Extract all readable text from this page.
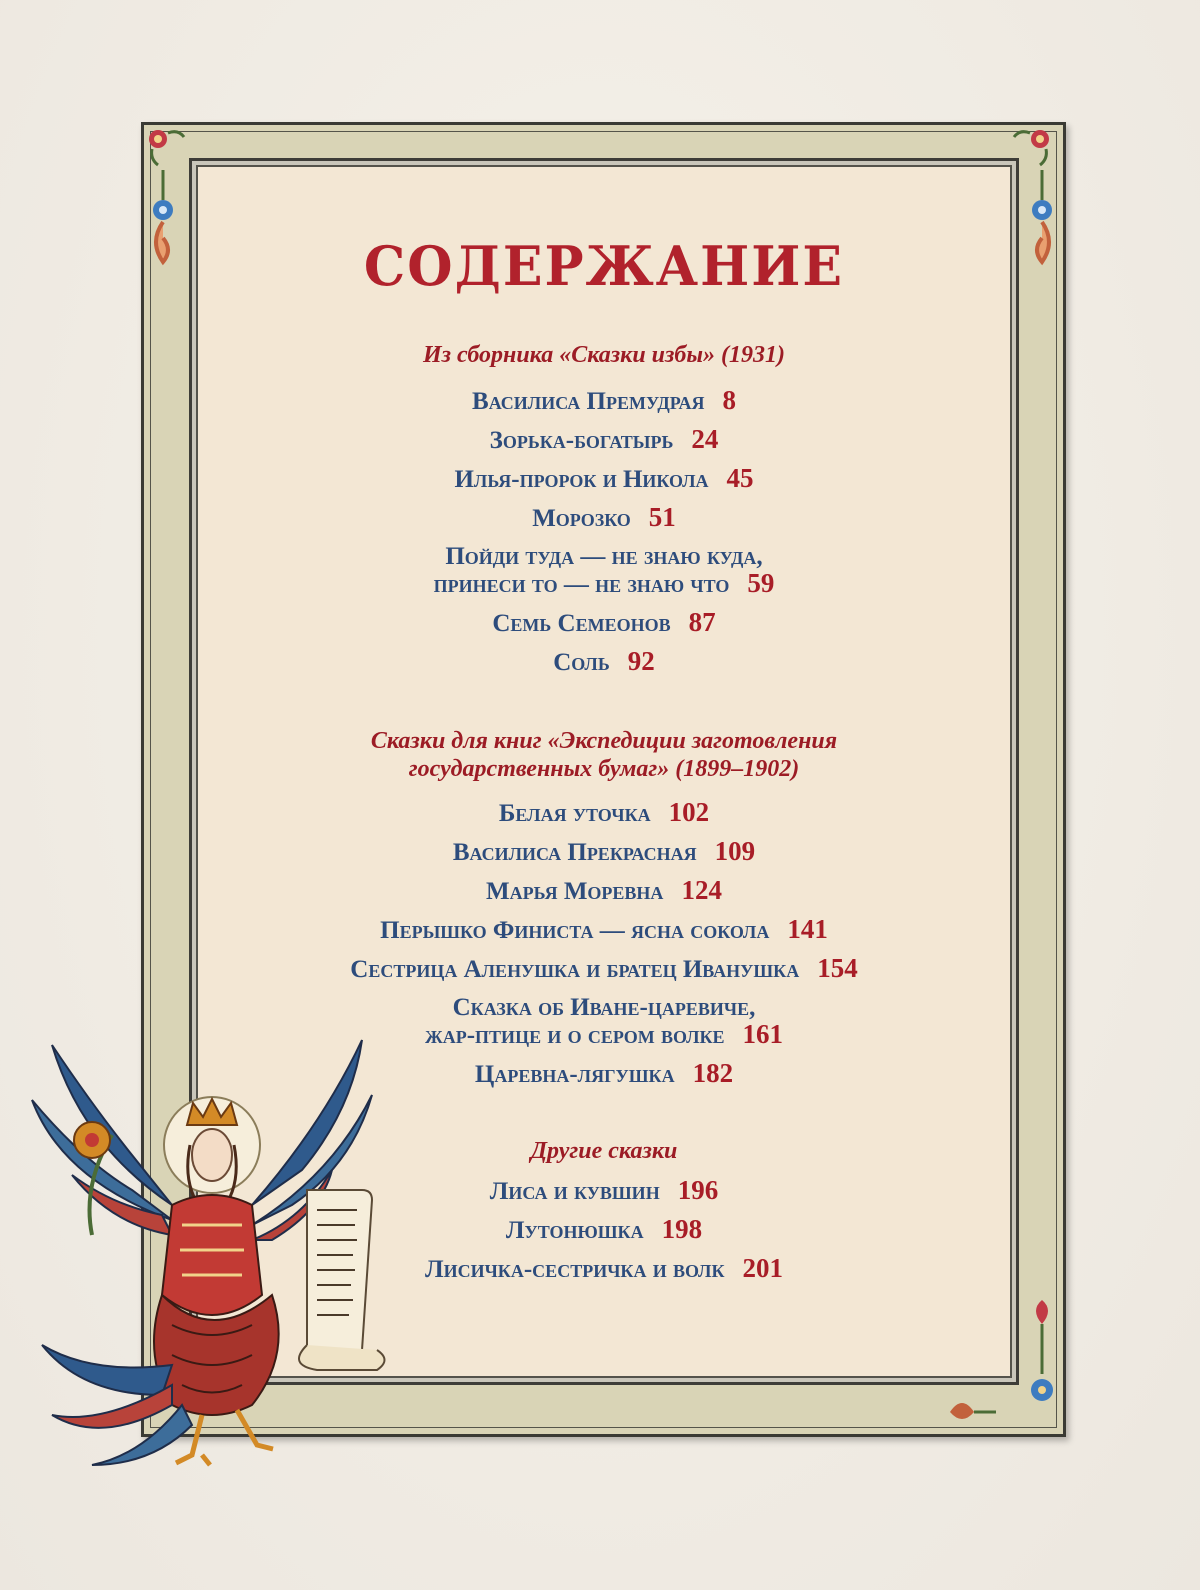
СОДЕРЖАНИЕ
Из сборника «Сказки избы» (1931)
Василиса Премудрая 8
Зорька-богатырь 24
Илья-пророк и Никола 45
Морозко 51
Пойди туда — не знаю куда,
принеси то — не знаю что 59
Семь Семеонов 87
Соль 92
Сказки для книг «Экспедиции заготовления
государственных бумаг» (1899–1902)
Белая уточка 102
Василиса Прекрасная 109
Марья Моревна 124
Перышко Финиста — ясна сокола 141
Сестрица Аленушка и братец Иванушка 154
Сказка об Иване-царевиче,
жар-птице и о сером волке 161
Царевна-лягушка 182
Другие сказки
Лиса и кувшин 196
Лутонюшка 198
Лисичка-сестричка и волк 201
